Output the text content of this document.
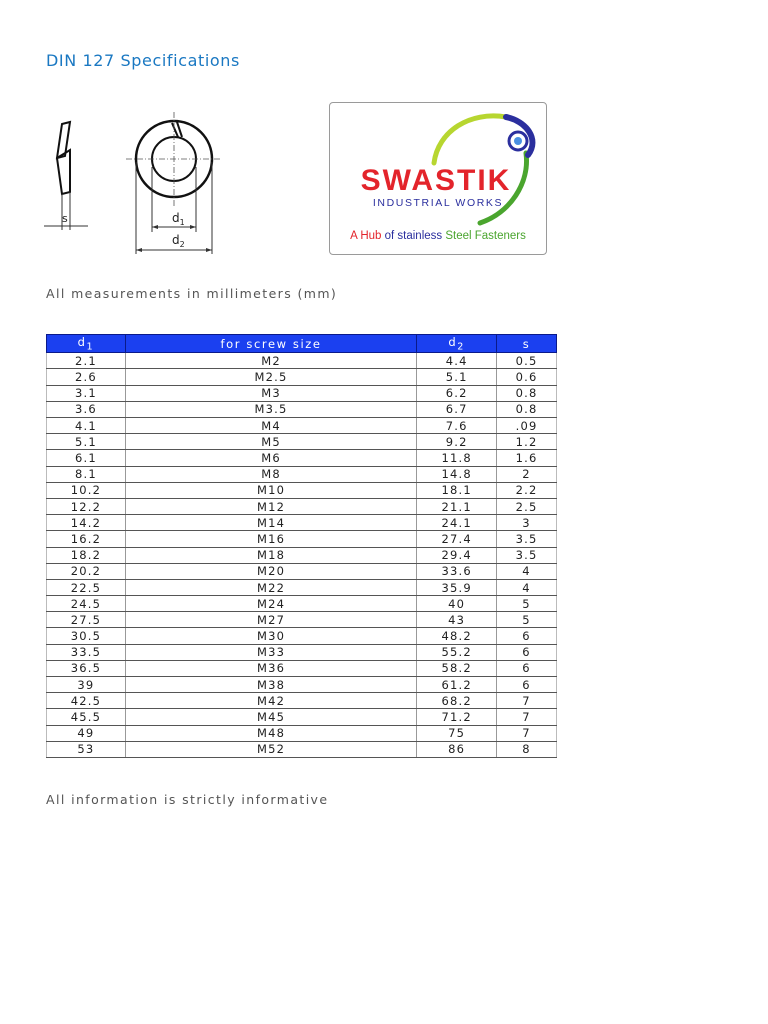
DIN 127 Specifications
s	$d_1$
$d_2$
SWASTIK
INDUSTRIAL WORKS
A Hub of stainless Steel Fasteners
All measurements in millimeters (mm)
$d_1$	for screw size	$d_2$	s
2.1	M2	4.4	0.5
2.6	M2.5	5.1	0.6
3.1	M3	6.2	0.8
3.6	M3.5	6.7	0.8
4.1	M4	7.6	.09
5.1	M5	9.2	1.2
6.1	M6	11.8	1.6
8.1	M8	14.8	2
10.2	M10	18.1	2.2
12.2	M12	21.1	2.5
14.2	M14	24.1	3
16.2	M16	27.4	3.5
18.2	M18	29.4	3.5
20.2	M20	33.6	4
22.5	M22	35.9	4
24.5	M24	40	5
27.5	M27	43	5
30.5	M30	48.2	6
33.5	M33	55.2	6
36.5	M36	58.2	6
39	M38	61.2	6
42.5	M42	68.2	7
45.5	M45	71.2	7
49	M48	75	7
53	M52	86	8
All information is strictly informative
